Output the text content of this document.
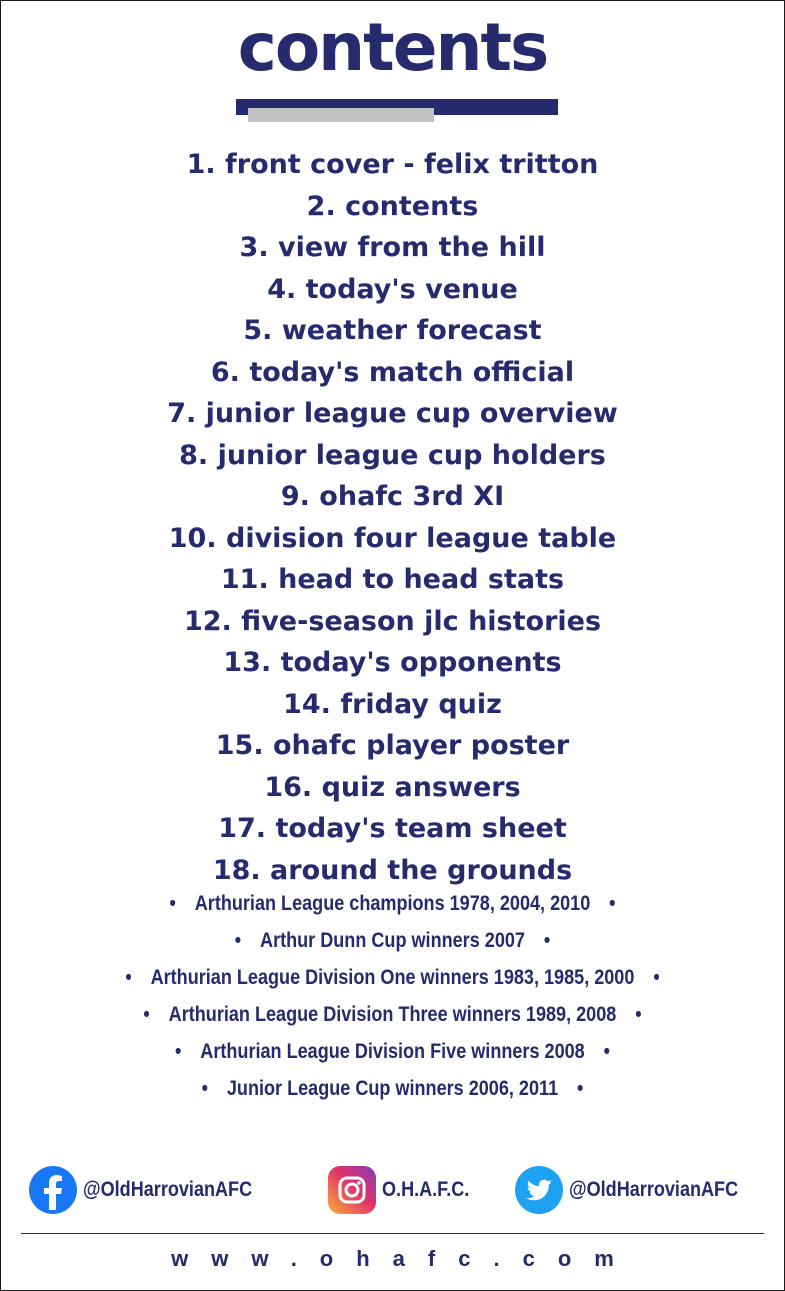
contents
1. front cover - felix tritton
2. contents
3. view from the hill
4. today's venue
5. weather forecast
6. today's match official
7. junior league cup overview
8. junior league cup holders
9. ohafc 3rd XI
10. division four league table
11. head to head stats
12. five-season jlc histories
13. today's opponents
14. friday quiz
15. ohafc player poster
16. quiz answers
17. today's team sheet
18. around the grounds
• Arthurian League champions 1978, 2004, 2010 •
• Arthur Dunn Cup winners 2007 •
• Arthurian League Division One winners 1983, 1985, 2000 •
• Arthurian League Division Three winners 1989, 2008 •
• Arthurian League Division Five winners 2008 •
• Junior League Cup winners 2006, 2011 •
@OldHarrovianAFC	O.H.A.F.C.	@OldHarrovianAFC
www.ohafc.com
